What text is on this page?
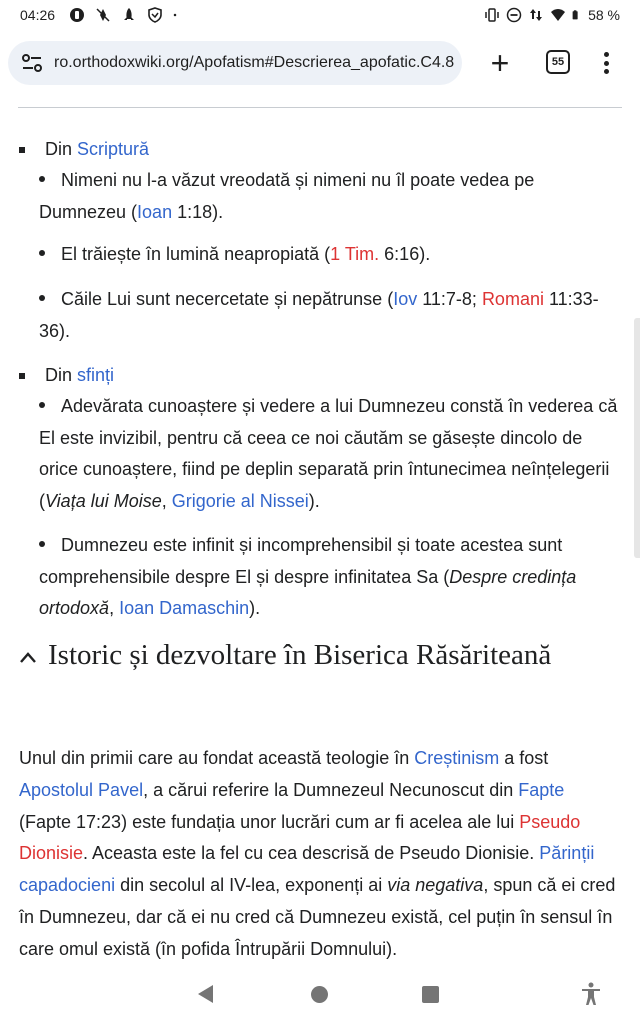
04:26	58 %
ro.orthodoxwiki.org/Apofatism#Descrierea_apofatic.C4.8 +	55
Din Scriptură
Nimeni nu l-a văzut vreodată și nimeni nu îl poate vedea pe Dumnezeu (Ioan 1:18).
El trăiește în lumină neapropiată (1 Tim. 6:16).
Căile Lui sunt necercetate și nepătrunse (Iov 11:7-8; Romani 11:33-36).
Din sfinți
Adevărata cunoaștere și vedere a lui Dumnezeu constă în vederea că El este invizibil, pentru că ceea ce noi căutăm se găsește dincolo de orice cunoaștere, fiind pe deplin separată prin întunecimea neînțelegerii (Viața lui Moise, Grigorie al Nissei).
Dumnezeu este infinit și incomprehensibil și toate acestea sunt comprehensibile despre El și despre infinitatea Sa (Despre credința ortodoxă, Ioan Damaschin).
Istoric și dezvoltare în Biserica Răsăriteană
Unul din primii care au fondat această teologie în Creștinism a fost Apostolul Pavel, a cărui referire la Dumnezeul Necunoscut din Fapte (Fapte 17:23) este fundația unor lucrări cum ar fi acelea ale lui Pseudo Dionisie. Aceasta este la fel cu cea descrisă de Pseudo Dionisie. Părinții capadocieni din secolul al IV-lea, exponenți ai via negativa, spun că ei cred în Dumnezeu, dar că ei nu cred că Dumnezeu există, cel puțin în sensul în care omul există (în pofida Întrupării Domnului).
